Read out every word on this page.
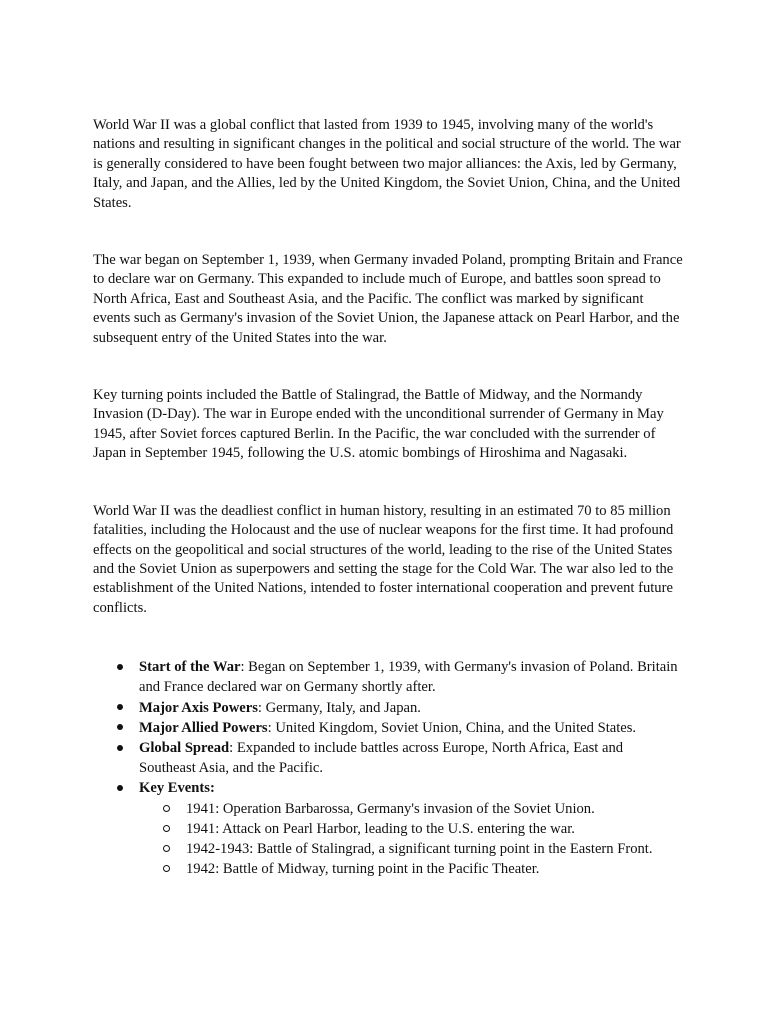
World War II was a global conflict that lasted from 1939 to 1945, involving many of the world's nations and resulting in significant changes in the political and social structure of the world. The war is generally considered to have been fought between two major alliances: the Axis, led by Germany, Italy, and Japan, and the Allies, led by the United Kingdom, the Soviet Union, China, and the United States.

The war began on September 1, 1939, when Germany invaded Poland, prompting Britain and France to declare war on Germany. This expanded to include much of Europe, and battles soon spread to North Africa, East and Southeast Asia, and the Pacific. The conflict was marked by significant events such as Germany's invasion of the Soviet Union, the Japanese attack on Pearl Harbor, and the subsequent entry of the United States into the war.

Key turning points included the Battle of Stalingrad, the Battle of Midway, and the Normandy Invasion (D-Day). The war in Europe ended with the unconditional surrender of Germany in May 1945, after Soviet forces captured Berlin. In the Pacific, the war concluded with the surrender of Japan in September 1945, following the U.S. atomic bombings of Hiroshima and Nagasaki.

World War II was the deadliest conflict in human history, resulting in an estimated 70 to 85 million fatalities, including the Holocaust and the use of nuclear weapons for the first time. It had profound effects on the geopolitical and social structures of the world, leading to the rise of the United States and the Soviet Union as superpowers and setting the stage for the Cold War. The war also led to the establishment of the United Nations, intended to foster international cooperation and prevent future conflicts.

Start of the War: Began on September 1, 1939, with Germany's invasion of Poland. Britain and France declared war on Germany shortly after.
Major Axis Powers: Germany, Italy, and Japan.
Major Allied Powers: United Kingdom, Soviet Union, China, and the United States.
Global Spread: Expanded to include battles across Europe, North Africa, East and Southeast Asia, and the Pacific.
Key Events:
1941: Operation Barbarossa, Germany's invasion of the Soviet Union.
1941: Attack on Pearl Harbor, leading to the U.S. entering the war.
1942-1943: Battle of Stalingrad, a significant turning point in the Eastern Front.
1942: Battle of Midway, turning point in the Pacific Theater.
